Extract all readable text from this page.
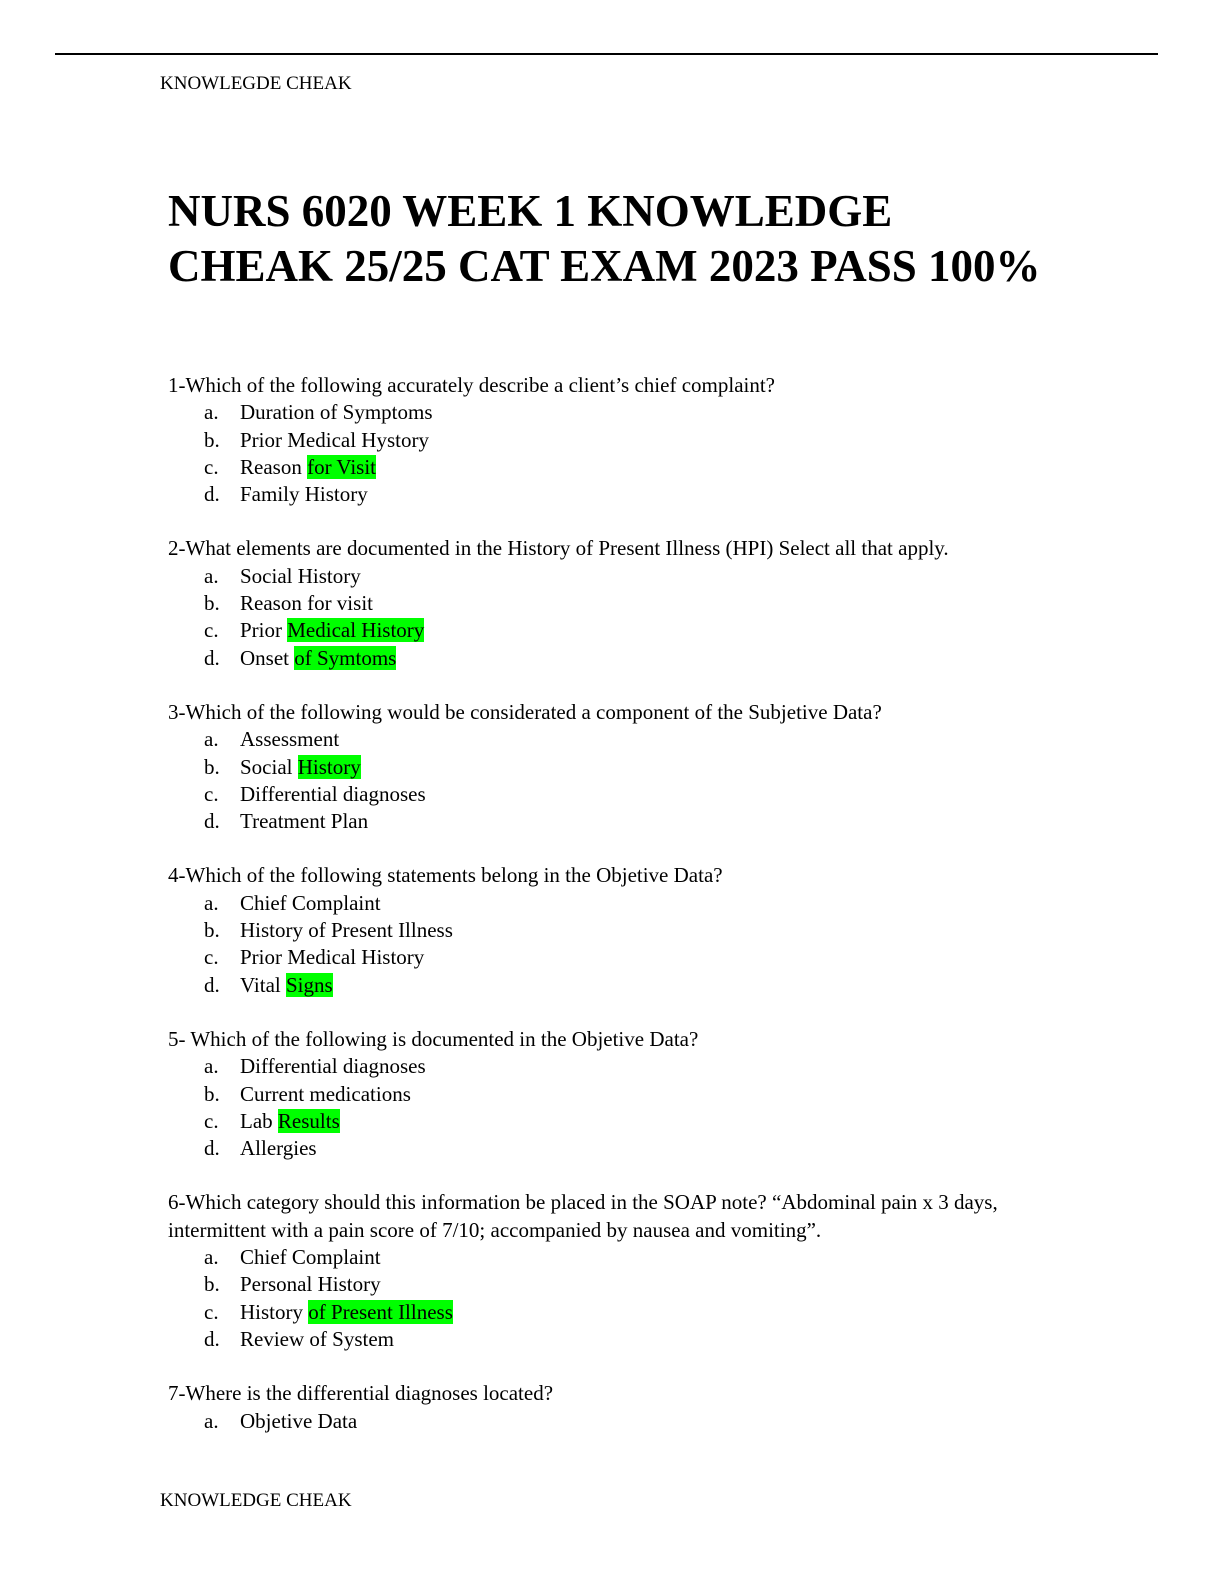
KNOWLEGDE CHEAK
NURS 6020 WEEK 1 KNOWLEDGE CHEAK 25/25 CAT EXAM 2023 PASS 100%

1-Which of the following accurately describe a client’s chief complaint?

a. Duration of Symptoms
b. Prior Medical Hystory
c. Reason for Visit
d. Family History

2-What elements are documented in the History of Present Illness (HPI) Select all that apply.

a. Social History
b. Reason for visit
c. Prior Medical History
d. Onset of Symtoms

3-Which of the following would be considerated a component of the Subjetive Data?

a. Assessment
b. Social History
c. Differential diagnoses
d. Treatment Plan

4-Which of the following statements belong in the Objetive Data?

a. Chief Complaint
b. History of Present Illness
c. Prior Medical History
d. Vital Signs

5- Which of the following is documented in the Objetive Data?

a. Differential diagnoses
b. Current medications
c. Lab Results
d. Allergies

6-Which category should this information be placed in the SOAP note? “Abdominal pain x 3 days, intermittent with a pain score of 7/10; accompanied by nausea and vomiting”.

a. Chief Complaint
b. Personal History
c. History of Present Illness
d. Review of System

7-Where is the differential diagnoses located?

a. Objetive Data
KNOWLEDGE CHEAK
